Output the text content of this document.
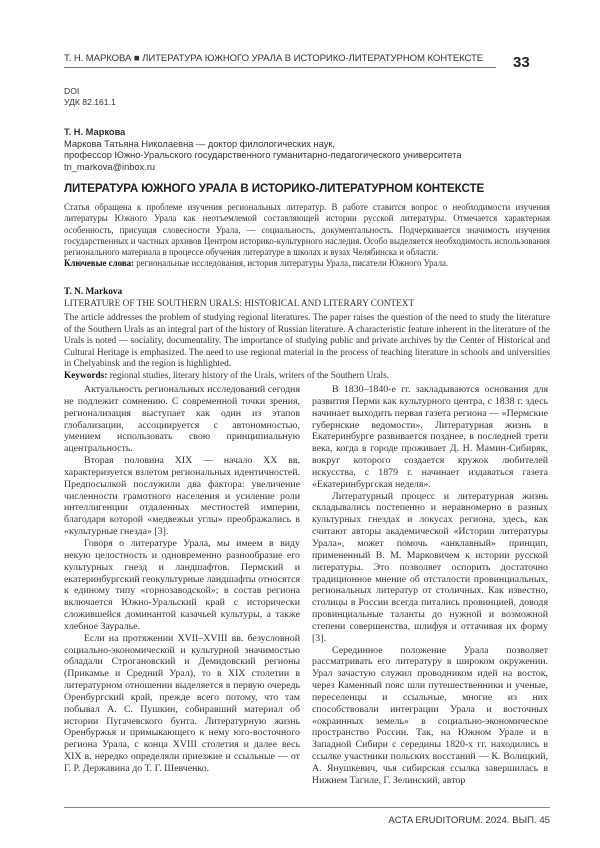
Т. Н. МАРКОВА ■ ЛИТЕРАТУРА ЮЖНОГО УРАЛА В ИСТОРИКО-ЛИТЕРАТУРНОМ КОНТЕКСТЕ	33
DOI
УДК 82.161.1
Т. Н. Маркова
Маркова Татьяна Николаевна — доктор филологических наук,
профессор Южно-Уральского государственного гуманитарно-педагогического университета
tn_markova@inbox.ru
ЛИТЕРАТУРА ЮЖНОГО УРАЛА В ИСТОРИКО-ЛИТЕРАТУРНОМ КОНТЕКСТЕ
Статья обращена к проблеме изучения региональных литератур. В работе ставится вопрос о необходимости изучения литературы Южного Урала как неотъемлемой составляющей истории русской литературы. Отмечается характерная особенность, присущая словесности Урала, — социальность, документальность. Подчеркивается значимость изучения государственных и частных архивов Центром историко-культурного наследия. Особо выделяется необходимость использования регионального материала в процессе обучения литературе в школах и вузах Челябинска и области.
Ключевые слова: региональные исследования, история литературы Урала, писатели Южного Урала.
T. N. Markova
LITERATURE OF THE SOUTHERN URALS: HISTORICAL AND LITERARY CONTEXT
The article addresses the problem of studying regional literatures. The paper raises the question of the need to study the literature of the Southern Urals as an integral part of the history of Russian literature. A characteristic feature inherent in the literature of the Urals is noted — sociality, documentality. The importance of studying public and private archives by the Center of Historical and Cultural Heritage is emphasized. The need to use regional material in the process of teaching literature in schools and universities in Chelyabinsk and the region is highlighted.
Keywords: regional studies, literary history of the Urals, writers of the Southern Urals.

Актуальность региональных исследований сегодня не подлежит сомнению. С современной точки зрения, регионализация выступает как один из этапов глобализации, ассоциируется с автономностью, умением использовать свою принципиальную ацентральность.

Вторая половина XIX — начало XX вв. характеризуется взлетом региональных идентичностей. Предпосылкой послужили два фактора: увеличение численности грамотного населения и усиление роли интеллигенции отдаленных местностей империи, благодаря которой «медвежьи углы» преображались в «культурные гнезда» [3].

Говоря о литературе Урала, мы имеем в виду некую целостность и одновременно разнообразие его культурных гнезд и ландшафтов. Пермский и екатеринбургский геокультурные ландшафты относятся к единому типу «горнозаводской»; в состав региона включается Южно-Уральский край с исторически сложившейся доминантой казачьей культуры, а также хлебное Зауралье.

Если на протяжении XVII–XVIII вв. безусловной социально-экономической и культурной значимостью обладали Строгановский и Демидовский регионы (Прикамье и Средний Урал), то в XIX столетии в литературном отношении выделяется в первую очередь Оренбургский край, прежде всего потому, что там побывал А. С. Пушкин, собиравший материал об истории Пугачевского бунта. Литературную жизнь Оренбуржья и примыкающего к нему юго-восточного региона Урала, с конца XVIII столетия и далее весь XIX в. нередко определяли приезжие и ссыльные — от Г. Р. Державина до Т. Г. Шевченко.

В 1830–1840-е гг. закладываются основания для развития Перми как культурного центра, с 1838 г. здесь начинает выходить первая газета региона — «Пермские губернские ведомости». Литературная жизнь в Екатеринбурге развивается позднее, в последней трети века, когда в городе проживает Д. Н. Мамин-Сибиряк, вокруг которого создается кружок любителей искусства, с 1879 г. начинает издаваться газета «Екатеринбургская неделя».

Литературный процесс и литературная жизнь складывались постепенно и неравномерно в разных культурных гнездах и локусах региона, здесь, как считают авторы академической «Истории литературы Урала», может помочь «анклавный» принцип, примененный В. М. Марковичем к истории русской литературы. Это позволяет оспорить достаточно традиционное мнение об отсталости провинциальных, региональных литератур от столичных. Как известно, столицы в России всегда питались провинцией, доводя провинциальные таланты до нужной и возможной степени совершенства, шлифуя и оттачивая их форму [3].

Серединное положение Урала позволяет рассматривать его литературу в широком окружении. Урал зачастую служил проводником идей на восток, через Каменный пояс шли путешественники и ученые, переселенцы и ссыльные, многие из них способствовали интеграции Урала и восточных «окраинных земель» в социально-экономическое пространство России. Так, на Южном Урале и в Западной Сибири с середины 1820-х гг. находились в ссылке участники польских восстаний — К. Волицкий, А. Янушкевич, чья сибирская ссылка завершилась в Нижнем Тагиле, Г. Зелинский, автор

ACTA ERUDITORUM. 2024. ВЫП. 45
